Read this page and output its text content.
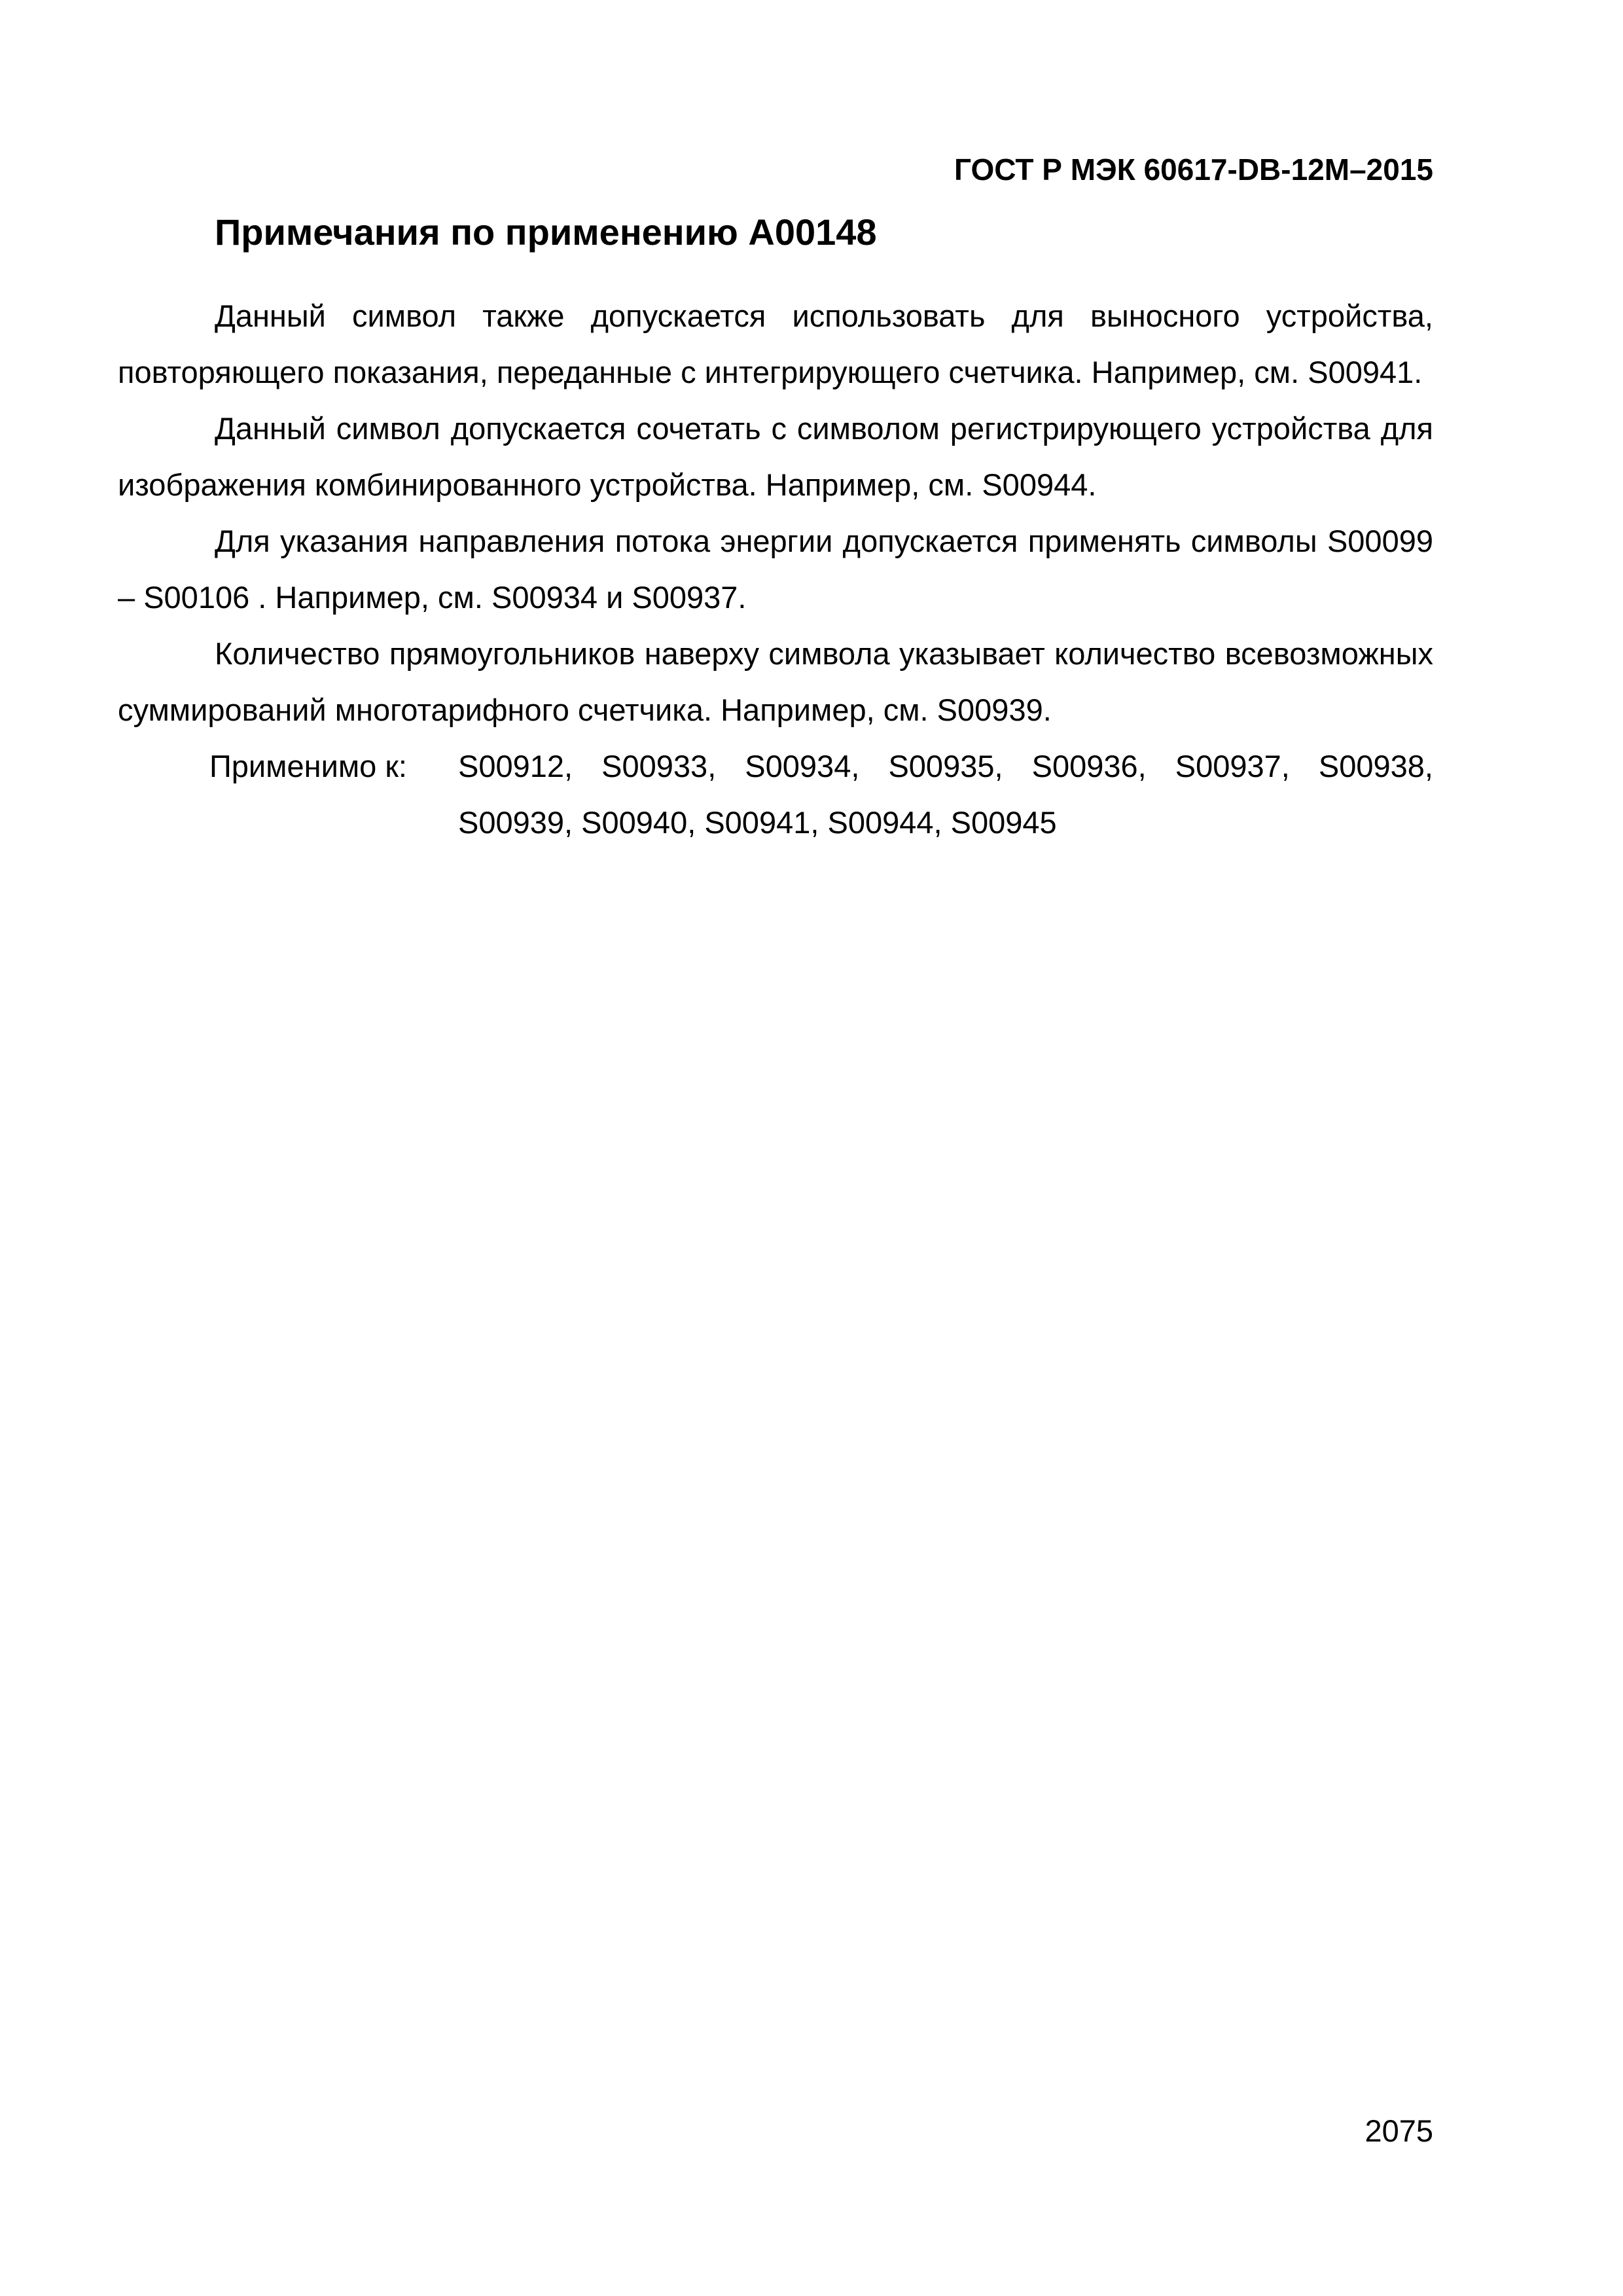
ГОСТ Р МЭК 60617-DB-12M–2015
Примечания по применению A00148

Данный символ также допускается использовать для выносного устройства, повторяющего показания, переданные с интегрирующего счетчика. Например, см. S00941.

Данный символ допускается сочетать с символом регистрирующего устройства для изображения комбинированного устройства. Например, см. S00944.

Для указания направления потока энергии допускается применять символы S00099 – S00106 . Например, см. S00934 и S00937.

Количество прямоугольников наверху символа указывает количество всевозможных суммирований многотарифного счетчика. Например, см. S00939.

Применимо к:	S00912, S00933, S00934, S00935, S00936, S00937, S00938, S00939, S00940, S00941, S00944, S00945
2075
